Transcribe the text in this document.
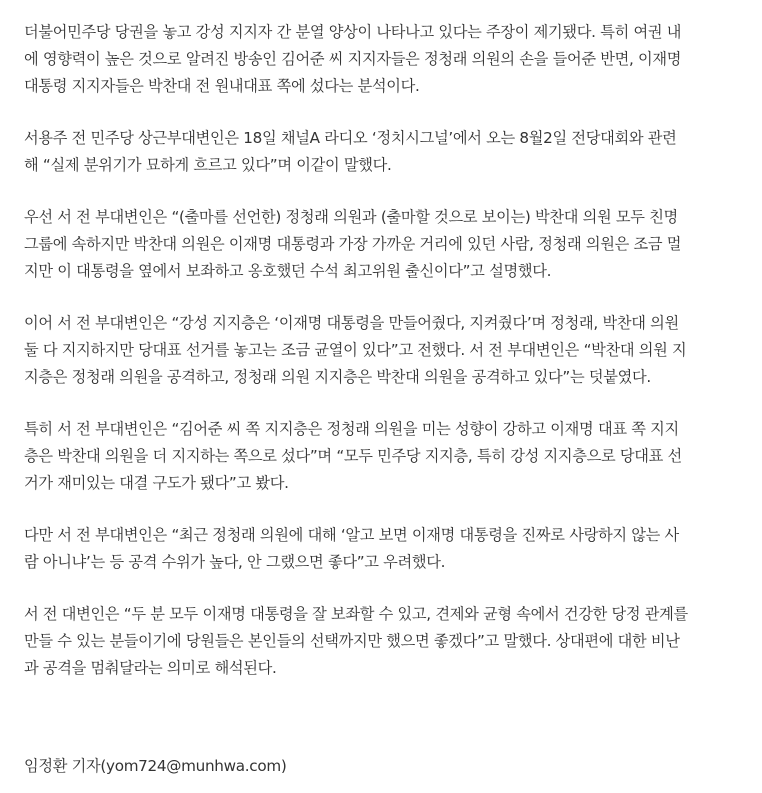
더불어민주당 당권을 놓고 강성 지지자 간 분열 양상이 나타나고 있다는 주장이 제기됐다. 특히 여권 내
에 영향력이 높은 것으로 알려진 방송인 김어준 씨 지지자들은 정청래 의원의 손을 들어준 반면, 이재명
대통령 지지자들은 박찬대 전 원내대표 쪽에 섰다는 분석이다.

서용주 전 민주당 상근부대변인은 18일 채널A 라디오 ‘정치시그널’에서 오는 8월2일 전당대회와 관련
해 “실제 분위기가 묘하게 흐르고 있다”며 이같이 말했다.

우선 서 전 부대변인은 “(출마를 선언한) 정청래 의원과 (출마할 것으로 보이는) 박찬대 의원 모두 친명
그룹에 속하지만 박찬대 의원은 이재명 대통령과 가장 가까운 거리에 있던 사람, 정청래 의원은 조금 멀
지만 이 대통령을 옆에서 보좌하고 옹호했던 수석 최고위원 출신이다”고 설명했다.

이어 서 전 부대변인은 “강성 지지층은 ‘이재명 대통령을 만들어줬다, 지켜줬다’며 정청래, 박찬대 의원
둘 다 지지하지만 당대표 선거를 놓고는 조금 균열이 있다”고 전했다. 서 전 부대변인은 “박찬대 의원 지
지층은 정청래 의원을 공격하고, 정청래 의원 지지층은 박찬대 의원을 공격하고 있다”는 덧붙였다.

특히 서 전 부대변인은 “김어준 씨 쪽 지지층은 정청래 의원을 미는 성향이 강하고 이재명 대표 쪽 지지
층은 박찬대 의원을 더 지지하는 쪽으로 섰다”며 “모두 민주당 지지층, 특히 강성 지지층으로 당대표 선
거가 재미있는 대결 구도가 됐다”고 봤다.

다만 서 전 부대변인은 “최근 정청래 의원에 대해 ‘알고 보면 이재명 대통령을 진짜로 사랑하지 않는 사
람 아니냐’는 등 공격 수위가 높다, 안 그랬으면 좋다”고 우려했다.

서 전 대변인은 “두 분 모두 이재명 대통령을 잘 보좌할 수 있고, 견제와 균형 속에서 건강한 당정 관계를
만들 수 있는 분들이기에 당원들은 본인들의 선택까지만 했으면 좋겠다”고 말했다. 상대편에 대한 비난
과 공격을 멈춰달라는 의미로 해석된다.

임정환 기자(yom724@munhwa.com)
